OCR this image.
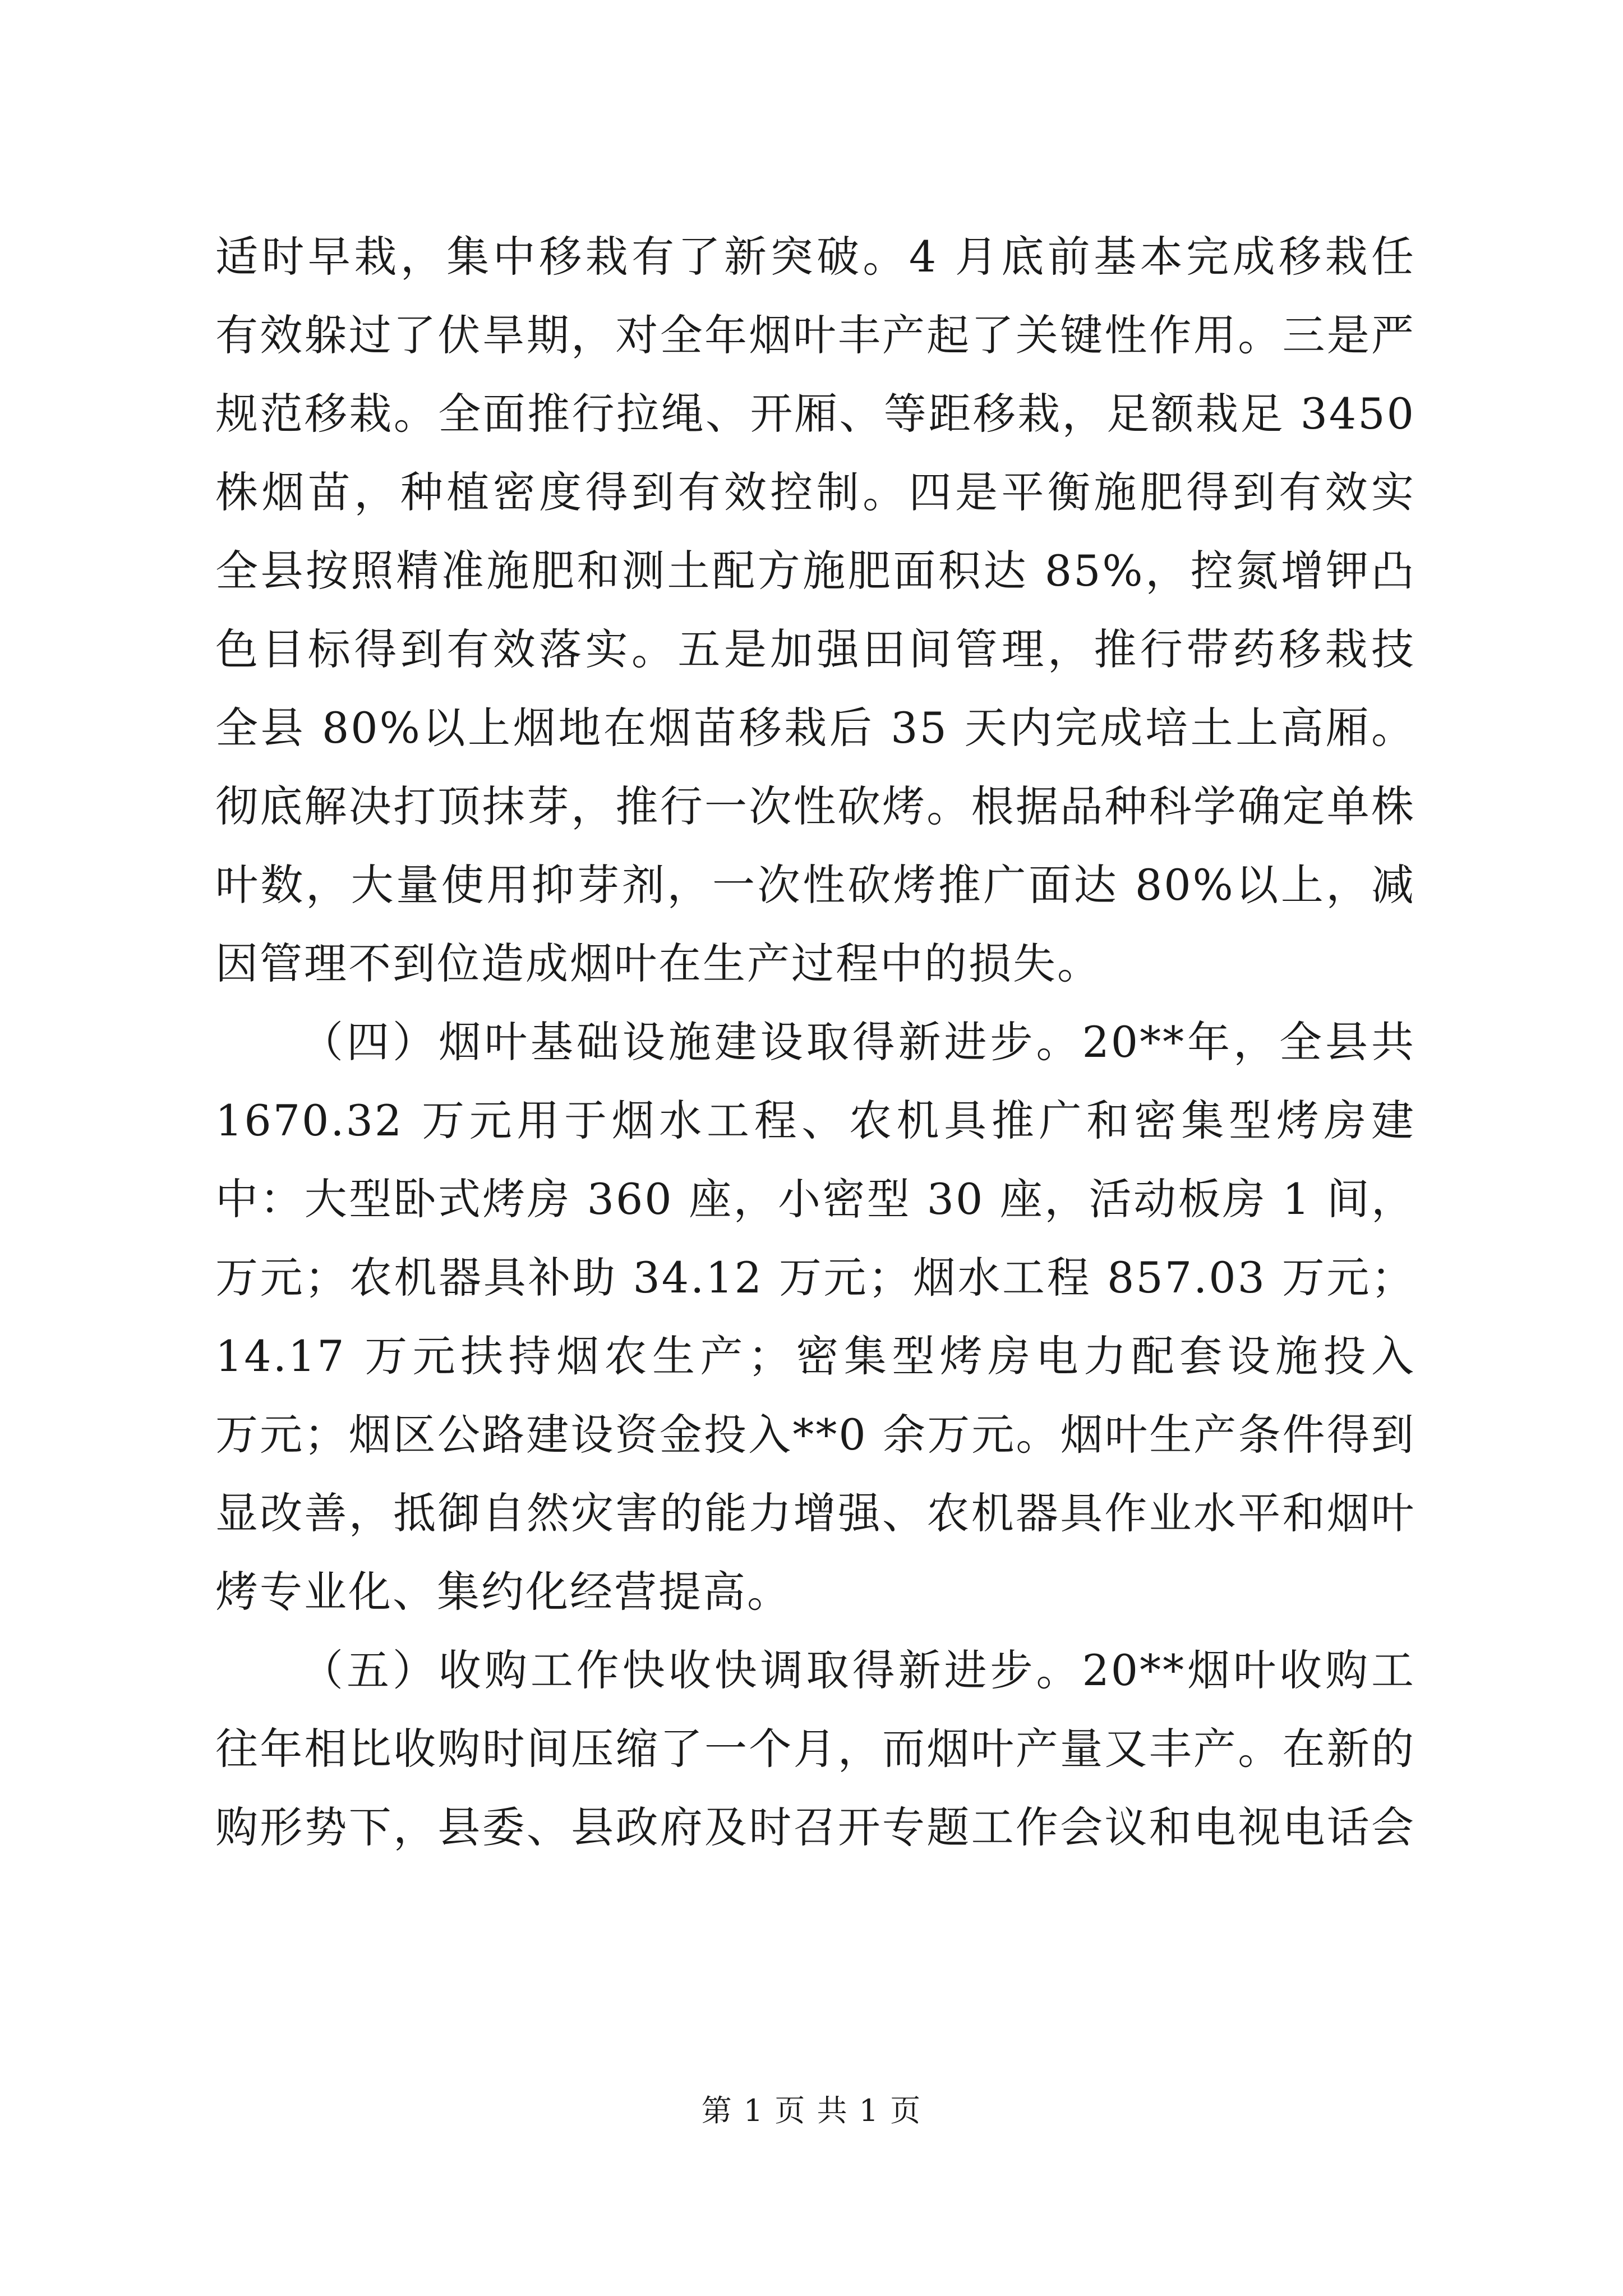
适时早栽，集中移栽有了新突破。4 月底前基本完成移栽任
有效躲过了伏旱期，对全年烟叶丰产起了关键性作用。三是严
规范移栽。全面推行拉绳、开厢、等距移栽，足额栽足 3450
株烟苗，种植密度得到有效控制。四是平衡施肥得到有效实
全县按照精准施肥和测土配方施肥面积达 85%，控氮增钾凸
色目标得到有效落实。五是加强田间管理，推行带药移栽技
全县 80%以上烟地在烟苗移栽后 35 天内完成培土上高厢。
彻底解决打顶抹芽，推行一次性砍烤。根据品种科学确定单株
叶数，大量使用抑芽剂，一次性砍烤推广面达 80%以上，减
因管理不到位造成烟叶在生产过程中的损失。
（四）烟叶基础设施建设取得新进步。20**年，全县共
1670.32 万元用于烟水工程、农机具推广和密集型烤房建
中：大型卧式烤房 360 座，小密型 30 座，活动板房 1 间，
万元；农机器具补助 34.12 万元；烟水工程 857.03 万元；
14.17 万元扶持烟农生产；密集型烤房电力配套设施投入
万元；烟区公路建设资金投入**0 余万元。烟叶生产条件得到
显改善，抵御自然灾害的能力增强、农机器具作业水平和烟叶
烤专业化、集约化经营提高。
（五）收购工作快收快调取得新进步。20**烟叶收购工
往年相比收购时间压缩了一个月，而烟叶产量又丰产。在新的
购形势下，县委、县政府及时召开专题工作会议和电视电话会
第 1 页 共 1 页
